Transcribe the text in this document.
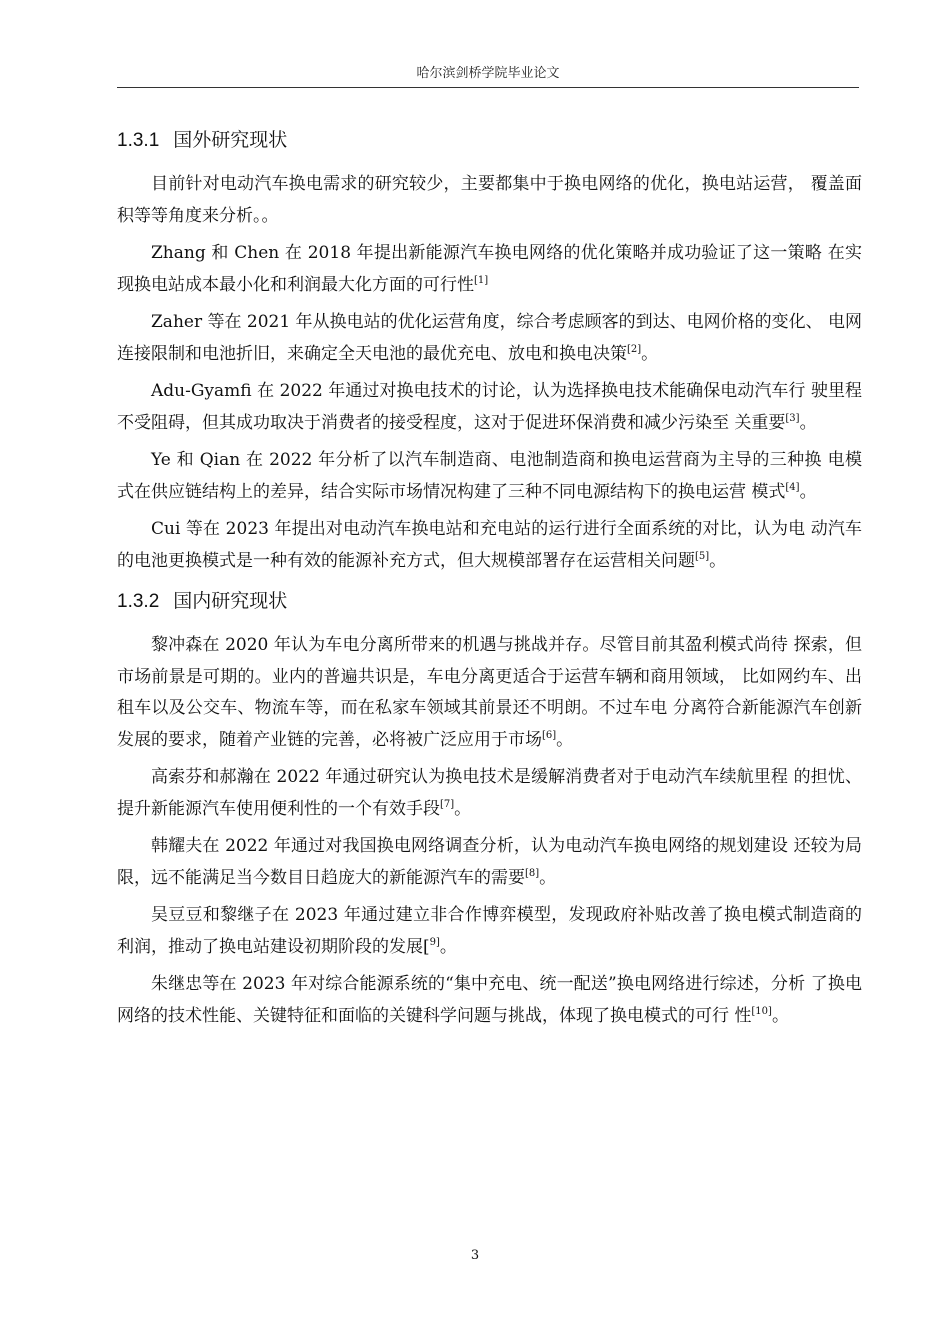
哈尔滨剑桥学院毕业论文
1.3.1 国外研究现状

目前针对电动汽车换电需求的研究较少，主要都集中于换电网络的优化，换电站运营， 覆盖面积等等角度来分析。。

Zhang 和 Chen 在 2018 年提出新能源汽车换电网络的优化策略并成功验证了这一策略 在实现换电站成本最小化和利润最大化方面的可行性[1]

Zaher 等在 2021 年从换电站的优化运营角度，综合考虑顾客的到达、电网价格的变化、 电网连接限制和电池折旧，来确定全天电池的最优充电、放电和换电决策[2]。

Adu-Gyamfi 在 2022 年通过对换电技术的讨论，认为选择换电技术能确保电动汽车行 驶里程不受阻碍，但其成功取决于消费者的接受程度，这对于促进环保消费和减少污染至 关重要[3]。

Ye 和 Qian 在 2022 年分析了以汽车制造商、电池制造商和换电运营商为主导的三种换 电模式在供应链结构上的差异，结合实际市场情况构建了三种不同电源结构下的换电运营 模式[4]。

Cui 等在 2023 年提出对电动汽车换电站和充电站的运行进行全面系统的对比，认为电 动汽车的电池更换模式是一种有效的能源补充方式，但大规模部署存在运营相关问题[5]。

1.3.2 国内研究现状

黎冲森在 2020 年认为车电分离所带来的机遇与挑战并存。尽管目前其盈利模式尚待 探索，但市场前景是可期的。业内的普遍共识是，车电分离更适合于运营车辆和商用领域， 比如网约车、出租车以及公交车、物流车等，而在私家车领域其前景还不明朗。不过车电 分离符合新能源汽车创新发展的要求，随着产业链的完善，必将被广泛应用于市场[6]。

高索芬和郝瀚在 2022 年通过研究认为换电技术是缓解消费者对于电动汽车续航里程 的担忧、提升新能源汽车使用便利性的一个有效手段[7]。

韩耀夫在 2022 年通过对我国换电网络调查分析，认为电动汽车换电网络的规划建设 还较为局限，远不能满足当今数目日趋庞大的新能源汽车的需要[8]。

吴豆豆和黎继子在 2023 年通过建立非合作博弈模型，发现政府补贴改善了换电模式制造商的利润，推动了换电站建设初期阶段的发展[$^{9]}$。

朱继忠等在 2023 年对综合能源系统的“集中充电、统一配送”换电网络进行综述，分析 了换电网络的技术性能、关键特征和面临的关键科学问题与挑战，体现了换电模式的可行 性[10]。

3
